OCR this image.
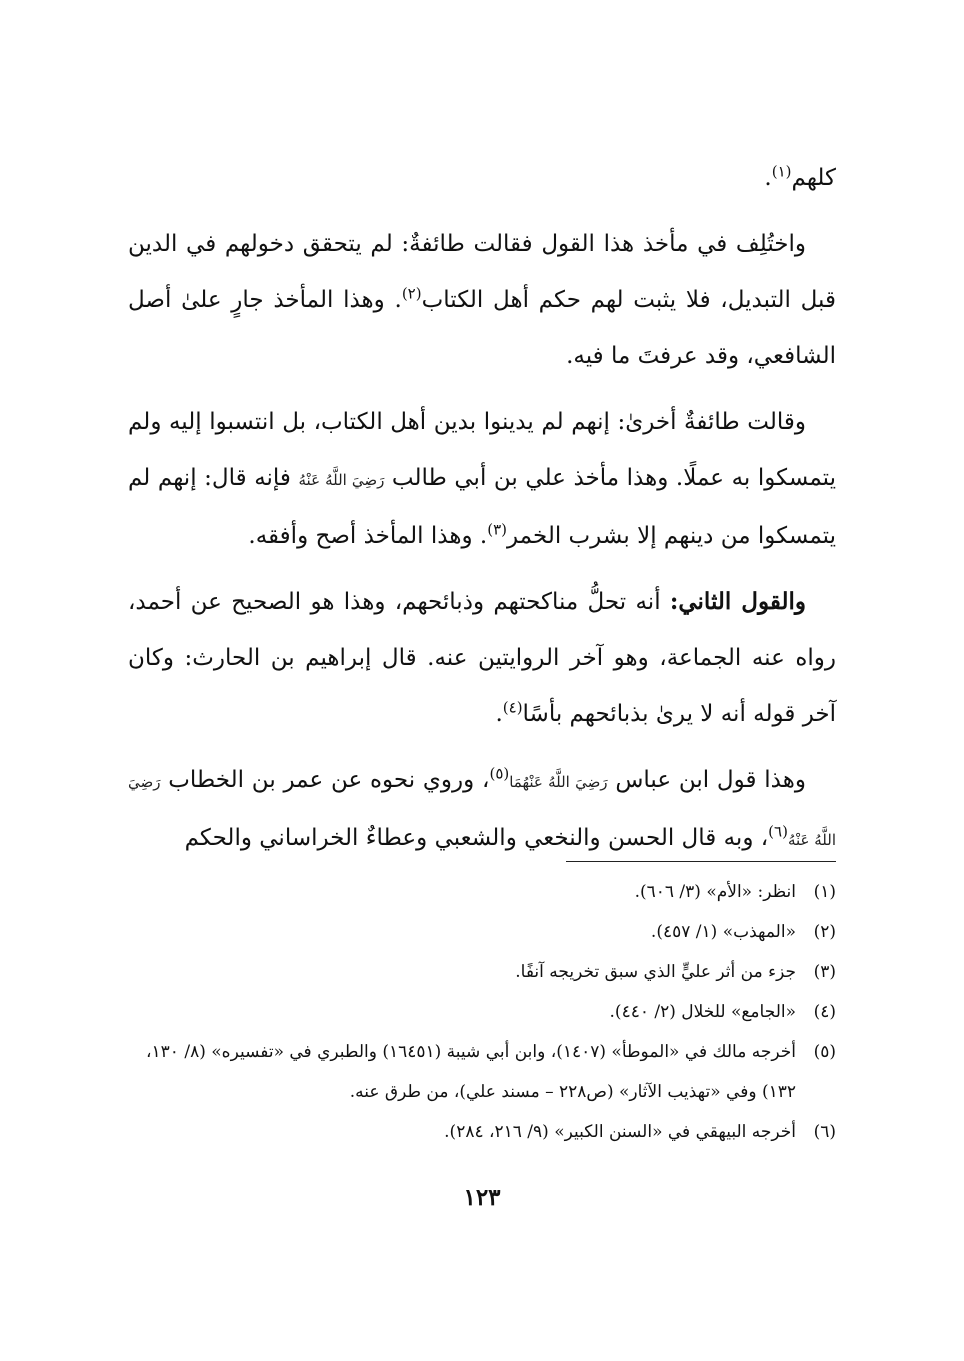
كلهم$^{(١)}$.

واختُلِف في مأخذ هذا القول فقالت طائفةٌ: لم يتحقق دخولهم في الدين قبل التبديل، فلا يثبت لهم حكم أهل الكتاب$^{(٢)}$. وهذا المأخذ جارٍ علىٰ أصل الشافعي، وقد عرفتَ ما فيه.

وقالت طائفةٌ أخرىٰ: إنهم لم يدينوا بدين أهل الكتاب، بل انتسبوا إليه ولم يتمسكوا به عملًا. وهذا مأخذ علي بن أبي طالب رَضِيَ اللَّهُ عَنْهُ فإنه قال: إنهم لم يتمسكوا من دينهم إلا بشرب الخمر$^{(٣)}$. وهذا المأخذ أصح وأفقه.

والقول الثاني: أنه تحلُّ مناكحتهم وذبائحهم، وهذا هو الصحيح عن أحمد، رواه عنه الجماعة، وهو آخر الروايتين عنه. قال إبراهيم بن الحارث: وكان آخر قوله أنه لا يرىٰ بذبائحهم بأسًا$^{(٤)}$.

وهذا قول ابن عباس رَضِيَ اللَّهُ عَنْهُمَا$^{(٥)}$، وروي نحوه عن عمر بن الخطاب رَضِيَ اللَّهُ عَنْهُ$^{(٦)}$، وبه قال الحسن والنخعي والشعبي وعطاءٌ الخراساني والحكم

(١)
انظر: «الأم» (٣/ ٦٠٦).
(٢)
«المهذب» (١/ ٤٥٧).
(٣)
جزء من أثر عليٍّ الذي سبق تخريجه آنفًا.
(٤)
«الجامع» للخلال (٢/ ٤٤٠).
(٥)
أخرجه مالك في «الموطأ» (١٤٠٧)، وابن أبي شيبة (١٦٤٥١) والطبري في «تفسيره» (٨/ ١٣٠، ١٣٢) وفي «تهذيب الآثار» (ص٢٢٨ – مسند علي)، من طرق عنه.
(٦)
أخرجه البيهقي في «السنن الكبير» (٩/ ٢١٦، ٢٨٤).
١٢٣
